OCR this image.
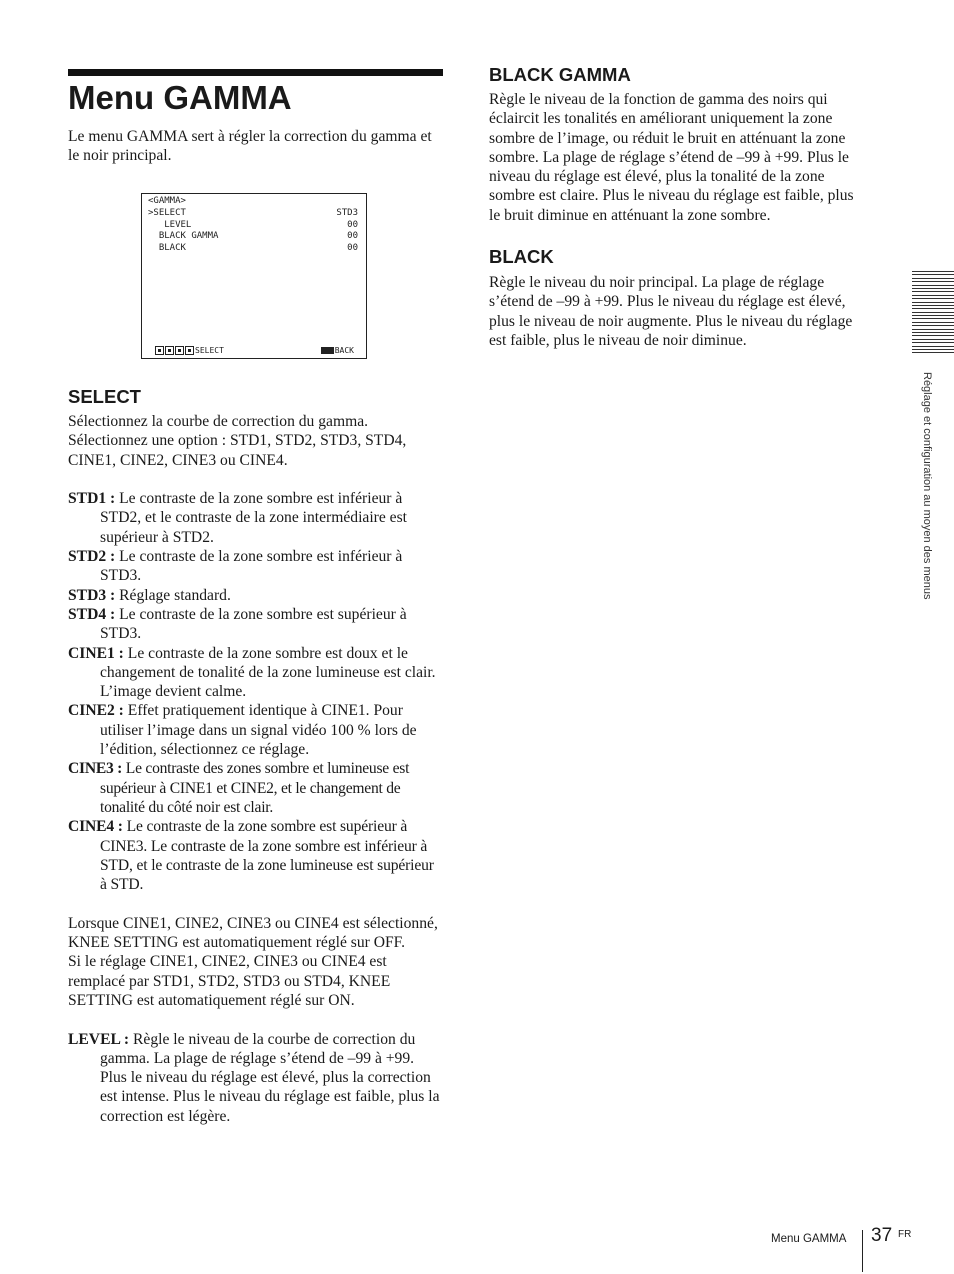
Menu GAMMA

Le menu GAMMA sert à régler la correction du gamma et le noir principal.

<GAMMA>
>SELECT	STD3
LEVEL	00
BLACK GAMMA	00
BLACK	00
SELECT	BACK
SELECT

Sélectionnez la courbe de correction du gamma. Sélectionnez une option : STD1, STD2, STD3, STD4, CINE1, CINE2, CINE3 ou CINE4.

STD1 : Le contraste de la zone sombre est inférieur à STD2, et le contraste de la zone intermédiaire est supérieur à STD2.

STD2 : Le contraste de la zone sombre est inférieur à STD3.

STD3 : Réglage standard.

STD4 : Le contraste de la zone sombre est supérieur à STD3.

CINE1 : Le contraste de la zone sombre est doux et le changement de tonalité de la zone lumineuse est clair. L’image devient calme.

CINE2 : Effet pratiquement identique à CINE1. Pour utiliser l’image dans un signal vidéo 100 % lors de l’édition, sélectionnez ce réglage.

CINE3 : Le contraste des zones sombre et lumineuse est supérieur à CINE1 et CINE2, et le changement de tonalité du côté noir est clair.

CINE4 : Le contraste de la zone sombre est supérieur à CINE3. Le contraste de la zone sombre est inférieur à STD, et le contraste de la zone lumineuse est supérieur à STD.

Lorsque CINE1, CINE2, CINE3 ou CINE4 est sélectionné, KNEE SETTING est automatiquement réglé sur OFF.

Si le réglage CINE1, CINE2, CINE3 ou CINE4 est remplacé par STD1, STD2, STD3 ou STD4, KNEE SETTING est automatiquement réglé sur ON.

LEVEL : Règle le niveau de la courbe de correction du gamma. La plage de réglage s’étend de –99 à +99. Plus le niveau du réglage est élevé, plus la correction est intense. Plus le niveau du réglage est faible, plus la correction est légère.

BLACK GAMMA

Règle le niveau de la fonction de gamma des noirs qui éclaircit les tonalités en améliorant uniquement la zone sombre de l’image, ou réduit le bruit en atténuant la zone sombre. La plage de réglage s’étend de –99 à +99. Plus le niveau du réglage est élevé, plus la tonalité de la zone sombre est claire. Plus le niveau du réglage est faible, plus le bruit diminue en atténuant la zone sombre.

BLACK

Règle le niveau du noir principal. La plage de réglage s’étend de –99 à +99. Plus le niveau du réglage est élevé, plus le niveau de noir augmente. Plus le niveau du réglage est faible, plus le niveau de noir diminue.

Réglage et configuration au moyen des menus
Menu GAMMA 37 FR
